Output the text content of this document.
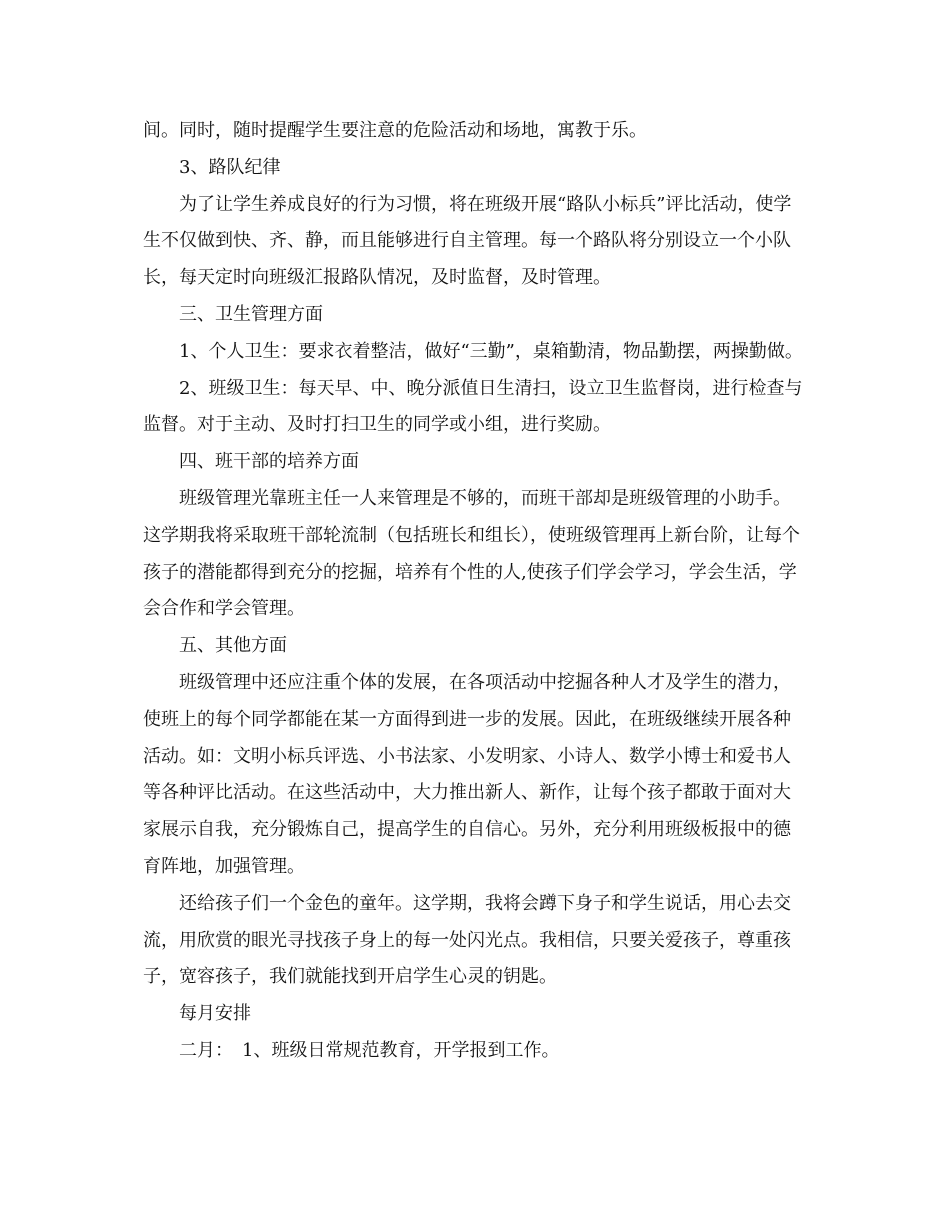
间。同时，随时提醒学生要注意的危险活动和场地，寓教于乐。

3、路队纪律

为了让学生养成良好的行为习惯，将在班级开展“路队小标兵”评比活动，使学生不仅做到快、齐、静，而且能够进行自主管理。每一个路队将分别设立一个小队长，每天定时向班级汇报路队情况，及时监督，及时管理。

三、卫生管理方面

1、个人卫生：要求衣着整洁，做好“三勤”，桌箱勤清，物品勤摆，两操勤做。

2、班级卫生：每天早、中、晚分派值日生清扫，设立卫生监督岗，进行检查与监督。对于主动、及时打扫卫生的同学或小组，进行奖励。

四、班干部的培养方面

班级管理光靠班主任一人来管理是不够的，而班干部却是班级管理的小助手。这学期我将采取班干部轮流制（包括班长和组长），使班级管理再上新台阶，让每个孩子的潜能都得到充分的挖掘，培养有个性的人,使孩子们学会学习，学会生活，学会合作和学会管理。

五、其他方面

班级管理中还应注重个体的发展，在各项活动中挖掘各种人才及学生的潜力，使班上的每个同学都能在某一方面得到进一步的发展。因此，在班级继续开展各种活动。如：文明小标兵评选、小书法家、小发明家、小诗人、数学小博士和爱书人等各种评比活动。在这些活动中，大力推出新人、新作，让每个孩子都敢于面对大家展示自我，充分锻炼自己，提高学生的自信心。另外，充分利用班级板报中的德育阵地，加强管理。

还给孩子们一个金色的童年。这学期，我将会蹲下身子和学生说话，用心去交流，用欣赏的眼光寻找孩子身上的每一处闪光点。我相信，只要关爱孩子，尊重孩子，宽容孩子，我们就能找到开启学生心灵的钥匙。

每月安排

二月：　1、班级日常规范教育，开学报到工作。
